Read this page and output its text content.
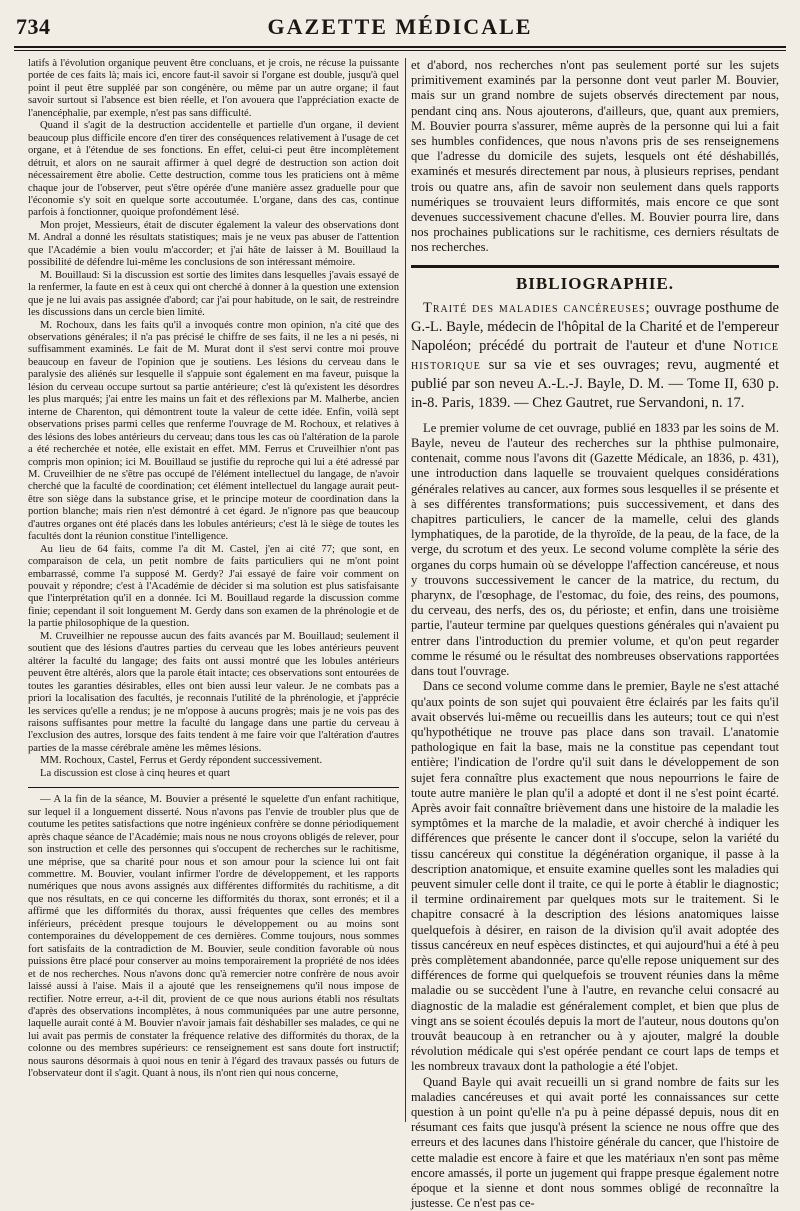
734	GAZETTE MÉDICALE

latifs à l'évolution organique peuvent être concluans, et je crois, ne récuse la puissante portée de ces faits là; mais ici, encore faut-il savoir si l'organe est double, jusqu'à quel point il peut être suppléé par son congénère, ou même par un autre organe; il faut savoir surtout si l'absence est bien réelle, et l'on avouera que l'appréciation exacte de l'anencéphalie, par exemple, n'est pas sans difficulté.

Quand il s'agit de la destruction accidentelle et partielle d'un organe, il devient beaucoup plus difficile encore d'en tirer des conséquences relativement à l'usage de cet organe, et à l'étendue de ses fonctions. En effet, celui-ci peut être incomplètement détruit, et alors on ne saurait affirmer à quel degré de destruction son action doit nécessairement être abolie. Cette destruction, comme tous les praticiens ont à même chaque jour de l'observer, peut s'être opérée d'une manière assez graduelle pour que l'économie s'y soit en quelque sorte accoutumée. L'organe, dans des cas, continue parfois à fonctionner, quoique profondément lésé.

Mon projet, Messieurs, était de discuter également la valeur des observations dont M. Andral a donné les résultats statistiques; mais je ne veux pas abuser de l'attention que l'Académie a bien voulu m'accorder; et j'ai hâte de laisser à M. Bouillaud la possibilité de défendre lui-même les conclusions de son intéressant mémoire.

M. Bouillaud: Si la discussion est sortie des limites dans lesquelles j'avais essayé de la renfermer, la faute en est à ceux qui ont cherché à donner à la question une extension que je ne lui avais pas assignée d'abord; car j'ai pour habitude, on le sait, de restreindre les discussions dans un cercle bien limité.

M. Rochoux, dans les faits qu'il a invoqués contre mon opinion, n'a cité que des observations générales; il n'a pas précisé le chiffre de ses faits, il ne les a ni pesés, ni suffisamment examinés. Le fait de M. Murat dont il s'est servi contre moi prouve beaucoup en faveur de l'opinion que je soutiens. Les lésions du cerveau dans le paralysie des aliénés sur lesquelle il s'appuie sont également en ma faveur, puisque la lésion du cerveau occupe surtout sa partie antérieure; c'est là qu'existent les désordres les plus marqués; j'ai entre les mains un fait et des réflexions par M. Malherbe, ancien interne de Charenton, qui démontrent toute la valeur de cette idée. Enfin, voilà sept observations prises parmi celles que renferme l'ouvrage de M. Rochoux, et relatives à des lésions des lobes antérieurs du cerveau; dans tous les cas où l'altération de la parole a été recherchée et notée, elle existait en effet. MM. Ferrus et Cruveilhier n'ont pas compris mon opinion; ici M. Bouillaud se justifie du reproche qui lui a été adressé par M. Cruveilhier de ne s'être pas occupé de l'élément intellectuel du langage, de n'avoir cherché que la faculté de coordination; cet élément intellectuel du langage aurait peut-être son siège dans la substance grise, et le principe moteur de coordination dans la portion blanche; mais rien n'est démontré à cet égard. Je n'ignore pas que beaucoup d'autres organes ont été placés dans les lobules antérieurs; c'est là le siège de toutes les facultés dont la réunion constitue l'intelligence.

Au lieu de 64 faits, comme l'a dit M. Castel, j'en ai cité 77; que sont, en comparaison de cela, un petit nombre de faits particuliers qui ne m'ont point embarrassé, comme l'a supposé M. Gerdy? J'ai essayé de faire voir comment on pouvait y répondre; c'est à l'Académie de décider si ma solution est plus satisfaisante que l'interprétation qu'il en a donnée. Ici M. Bouillaud regarde la discussion comme finie; cependant il soit longuement M. Gerdy dans son examen de la phrénologie et de la partie philosophique de la question.

M. Cruveilhier ne repousse aucun des faits avancés par M. Bouillaud; seulement il soutient que des lésions d'autres parties du cerveau que les lobes antérieurs peuvent altérer la faculté du langage; des faits ont aussi montré que les lobules antérieurs peuvent être altérés, alors que la parole était intacte; ces observations sont entourées de toutes les garanties désirables, elles ont bien aussi leur valeur. Je ne combats pas a priori la localisation des facultés, je reconnais l'utilité de la phrénologie, et j'apprécie les services qu'elle a rendus; je ne m'oppose à aucuns progrès; mais je ne vois pas des raisons suffisantes pour mettre la faculté du langage dans une partie du cerveau à l'exclusion des autres, lorsque des faits tendent à me faire voir que l'altération d'autres parties de la masse cérébrale amène les mêmes lésions.

MM. Rochoux, Castel, Ferrus et Gerdy répondent successivement.

La discussion est close à cinq heures et quart

— A la fin de la séance, M. Bouvier a présenté le squelette d'un enfant rachitique, sur lequel il a longuement disserté. Nous n'avons pas l'envie de troubler plus que de coutume les petites satisfactions que notre ingénieux confrère se donne périodiquement après chaque séance de l'Académie; mais nous ne nous croyons obligés de relever, pour son instruction et celle des personnes qui s'occupent de recherches sur le rachitisme, une méprise, que sa charité pour nous et son amour pour la science lui ont fait commettre. M. Bouvier, voulant infirmer l'ordre de développement, et les rapports numériques que nous avons assignés aux différentes difformités du rachitisme, a dit que nos résultats, en ce qui concerne les difformités du thorax, sont erronés; et il a affirmé que les difformités du thorax, aussi fréquentes que celles des membres inférieurs, précèdent presque toujours le développement ou au moins sont contemporaines du développement de ces dernières. Comme toujours, nous sommes fort satisfaits de la contradiction de M. Bouvier, seule condition favorable où nous puissions être placé pour conserver au moins temporairement la propriété de nos idées et de nos recherches. Nous n'avons donc qu'à remercier notre confrère de nous avoir laissé aussi à l'aise. Mais il a ajouté que les renseignemens qu'il nous impose de rectifier. Notre erreur, a-t-il dit, provient de ce que nous aurions établi nos résultats d'après des observations incomplètes, à nous communiquées par une autre personne, laquelle aurait conté à M. Bouvier n'avoir jamais fait déshabiller ses malades, ce qui ne lui avait pas permis de constater la fréquence relative des difformités du thorax, de la colonne ou des membres supérieurs: ce renseignement est sans doute fort instructif; nous saurons désormais à quoi nous en tenir à l'égard des travaux passés ou futurs de l'observateur dont il s'agit. Quant à nous, ils n'ont rien qui nous concerne,

et d'abord, nos recherches n'ont pas seulement porté sur les sujets primitivement examinés par la personne dont veut parler M. Bouvier, mais sur un grand nombre de sujets observés directement par nous, pendant cinq ans. Nous ajouterons, d'ailleurs, que, quant aux premiers, M. Bouvier pourra s'assurer, même auprès de la personne qui lui a fait ses humbles confidences, que nous n'avons pris de ses renseignemens que l'adresse du domicile des sujets, lesquels ont été déshabillés, examinés et mesurés directement par nous, à plusieurs reprises, pendant trois ou quatre ans, afin de savoir non seulement dans quels rapports numériques se trouvaient leurs difformités, mais encore ce que sont devenues successivement chacune d'elles. M. Bouvier pourra lire, dans nos prochaines publications sur le rachitisme, ces derniers résultats de nos recherches.

BIBLIOGRAPHIE.

Traité des maladies cancéreuses; ouvrage posthume de G.-L. Bayle, médecin de l'hôpital de la Charité et de l'empereur Napoléon; précédé du portrait de l'auteur et d'une Notice historique sur sa vie et ses ouvrages; revu, augmenté et publié par son neveu A.-L.-J. Bayle, D. M. — Tome II, 630 p. in-8. Paris, 1839. — Chez Gautret, rue Servandoni, n. 17.

Le premier volume de cet ouvrage, publié en 1833 par les soins de M. Bayle, neveu de l'auteur des recherches sur la phthise pulmonaire, contenait, comme nous l'avons dit (Gazette Médicale, an 1836, p. 431), une introduction dans laquelle se trouvaient quelques considérations générales relatives au cancer, aux formes sous lesquelles il se présente et à ses différentes transformations; puis successivement, et dans des chapitres particuliers, le cancer de la mamelle, celui des glands lymphatiques, de la parotide, de la thyroïde, de la peau, de la face, de la verge, du scrotum et des yeux. Le second volume complète la série des organes du corps humain où se développe l'affection cancéreuse, et nous y trouvons successivement le cancer de la matrice, du rectum, du pharynx, de l'œsophage, de l'estomac, du foie, des reins, des poumons, du cerveau, des nerfs, des os, du périoste; et enfin, dans une troisième partie, l'auteur termine par quelques questions générales qui n'avaient pu entrer dans l'introduction du premier volume, et qu'on peut regarder comme le résumé ou le résultat des nombreuses observations rapportées dans tout l'ouvrage.

Dans ce second volume comme dans le premier, Bayle ne s'est attaché qu'aux points de son sujet qui pouvaient être éclairés par les faits qu'il avait observés lui-même ou recueillis dans les auteurs; tout ce qui n'est qu'hypothétique ne trouve pas place dans son travail. L'anatomie pathologique en fait la base, mais ne la constitue pas cependant tout entière; l'indication de l'ordre qu'il suit dans le développement de son sujet fera connaître plus exactement que nous nepourrions le faire de toute autre manière le plan qu'il a adopté et dont il ne s'est point écarté. Après avoir fait connaître brièvement dans une histoire de la maladie les symptômes et la marche de la maladie, et avoir cherché à indiquer les différences que présente le cancer dont il s'occupe, selon la variété du tissu cancéreux qui constitue la dégénération organique, il passe à la description anatomique, et ensuite examine quelles sont les maladies qui peuvent simuler celle dont il traite, ce qui le porte à établir le diagnostic; il termine ordinairement par quelques mots sur le traitement. Si le chapitre consacré à la description des lésions anatomiques laisse quelquefois à désirer, en raison de la division qu'il avait adoptée des tissus cancéreux en neuf espèces distinctes, et qui aujourd'hui a été à peu près complètement abandonnée, parce qu'elle repose uniquement sur des différences de forme qui quelquefois se trouvent réunies dans la même maladie ou se succèdent l'une à l'autre, en revanche celui consacré au diagnostic de la maladie est généralement complet, et bien que plus de vingt ans se soient écoulés depuis la mort de l'auteur, nous doutons qu'on trouvât beaucoup à en retrancher ou à y ajouter, malgré la double révolution médicale qui s'est opérée pendant ce court laps de temps et les nombreux travaux dont la pathologie a été l'objet.

Quand Bayle qui avait recueilli un si grand nombre de faits sur les maladies cancéreuses et qui avait porté les connaissances sur cette question à un point qu'elle n'a pu à peine dépassé depuis, nous dit en résumant ces faits que jusqu'à présent la science ne nous offre que des erreurs et des lacunes dans l'histoire générale du cancer, que l'histoire de cette maladie est encore à faire et que les matériaux n'en sont pas même encore amassés, il porte un jugement qui frappe presque également notre époque et la sienne et dont nous sommes obligé de reconnaître la justesse. Ce n'est pas ce-
